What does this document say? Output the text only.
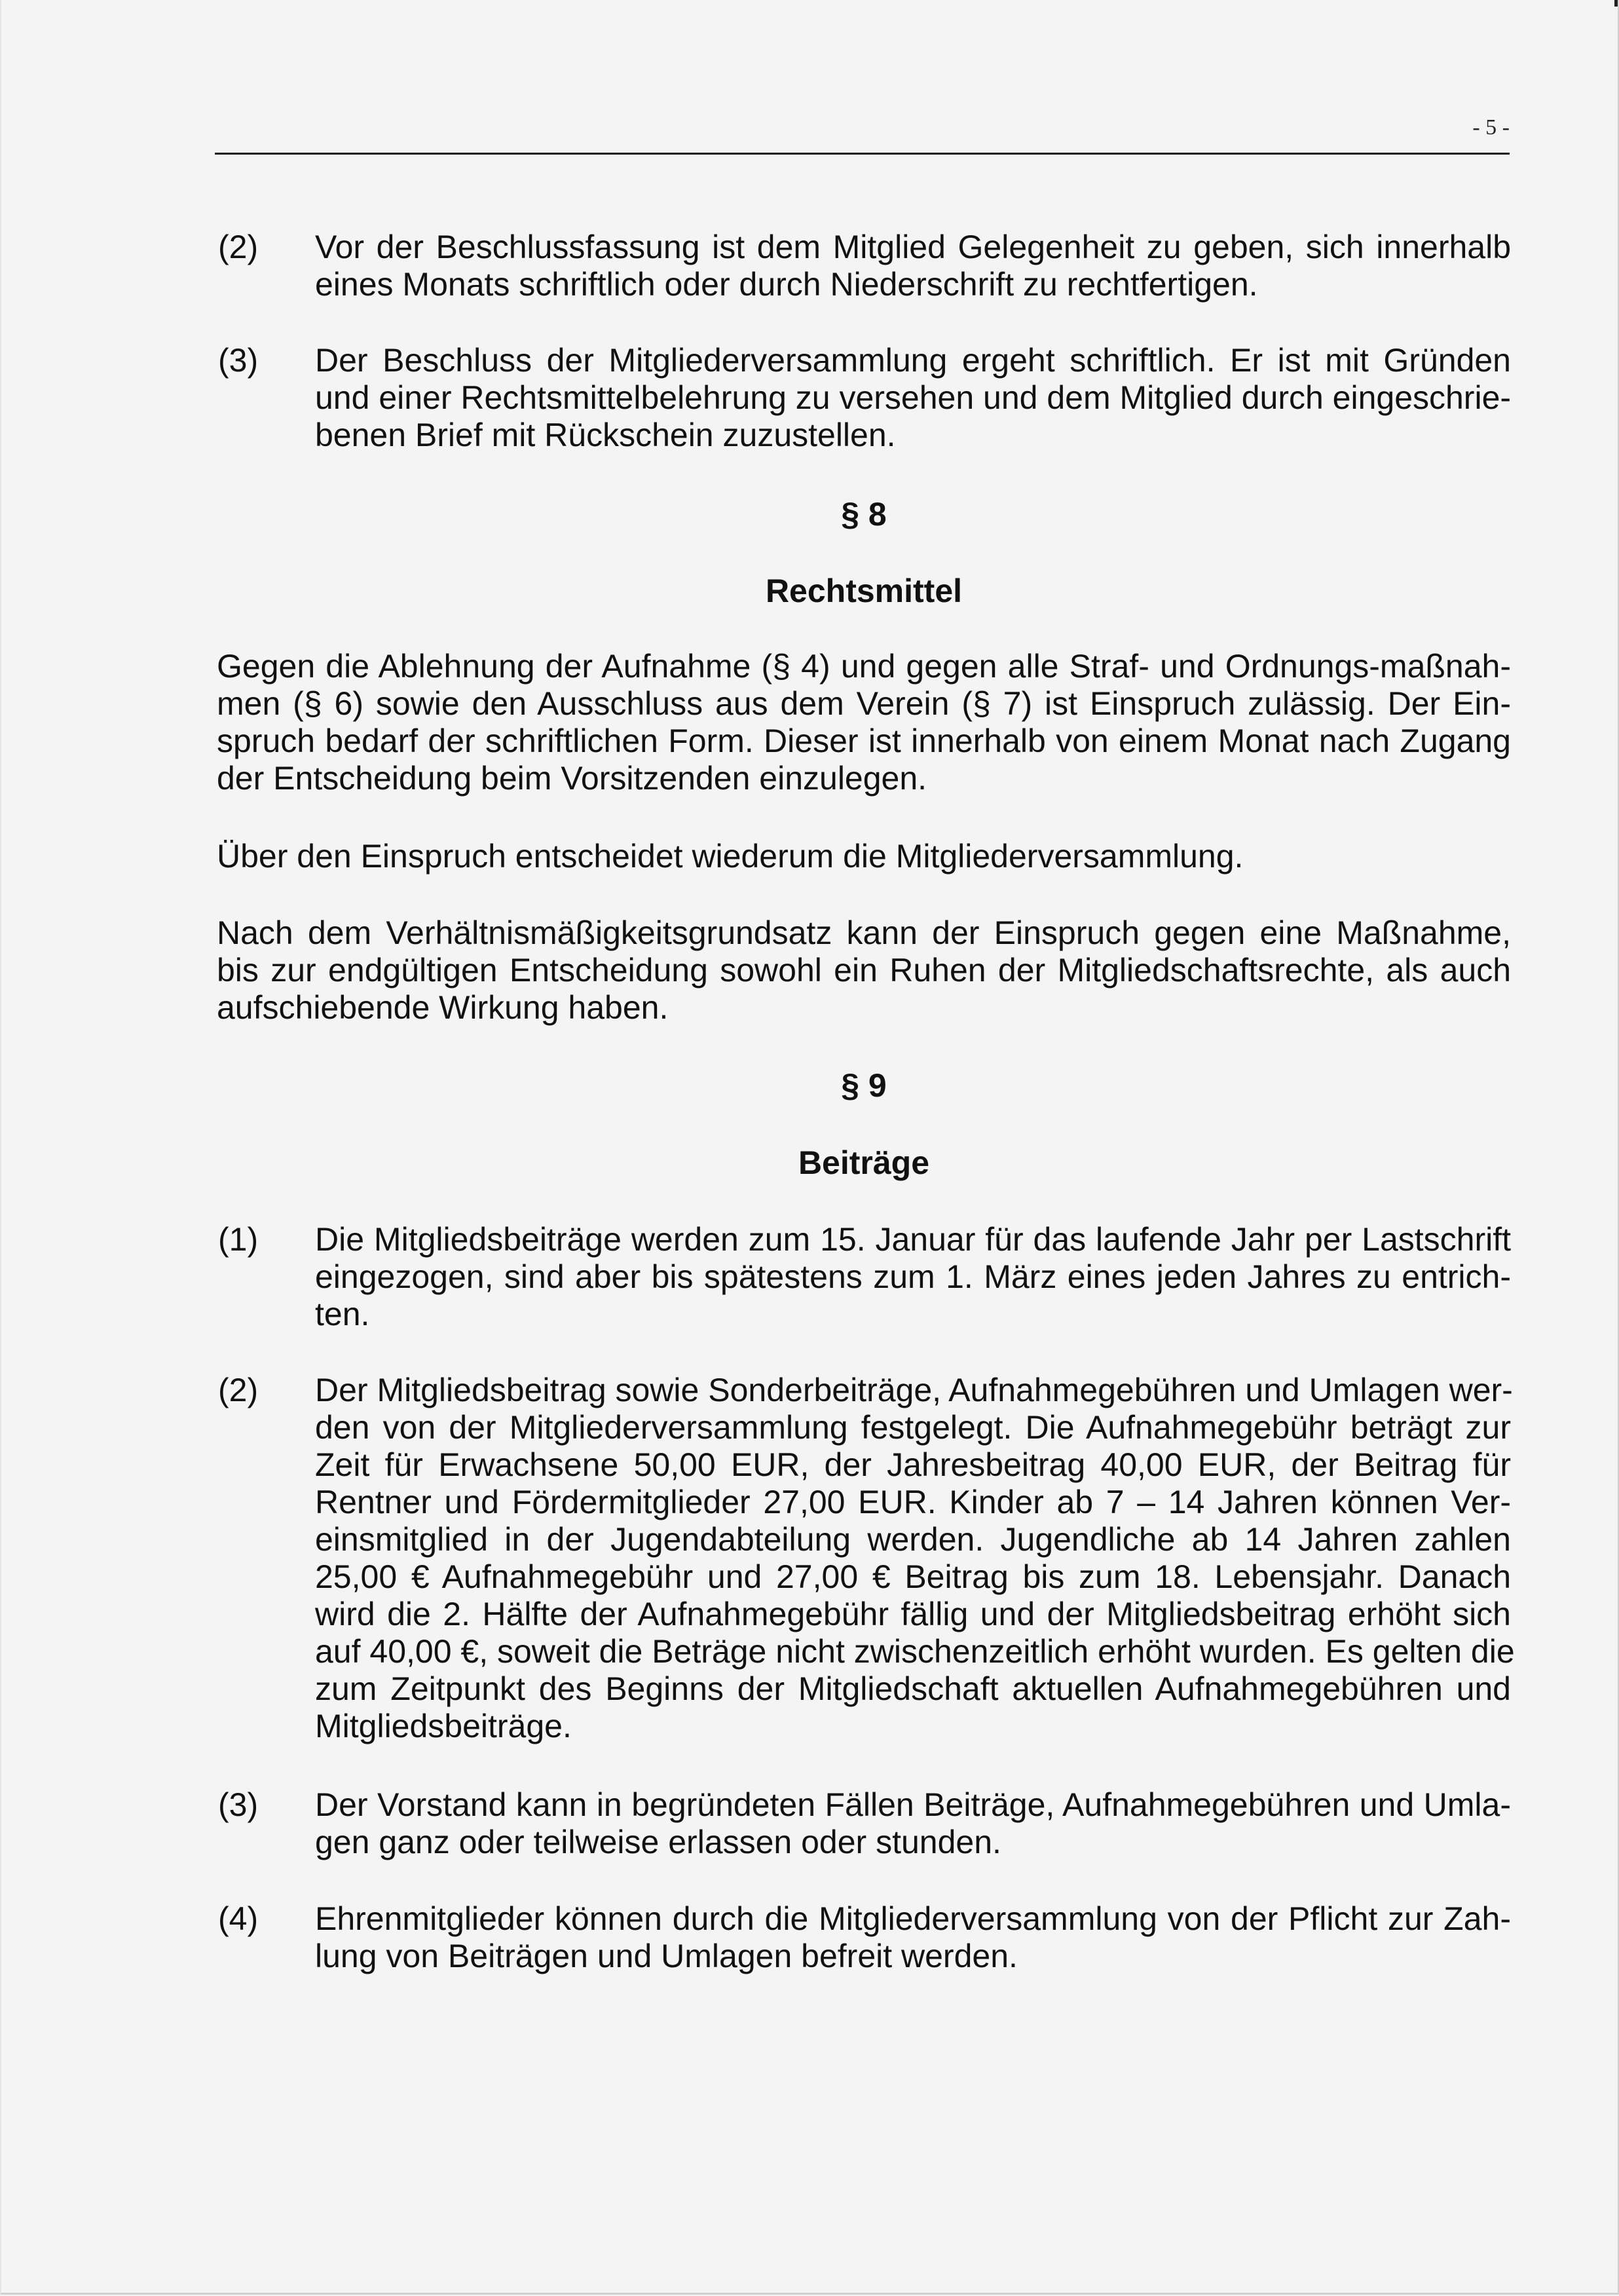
- 5 -
(2) Vor der Beschlussfassung ist dem Mitglied Gelegenheit zu geben, sich innerhalb
eines Monats schriftlich oder durch Niederschrift zu rechtfertigen.
(3) Der Beschluss der Mitgliederversammlung ergeht schriftlich. Er ist mit Gründen
und einer Rechtsmittelbelehrung zu versehen und dem Mitglied durch eingeschrie-
benen Brief mit Rückschein zuzustellen.
§ 8
Rechtsmittel
Gegen die Ablehnung der Aufnahme (§ 4) und gegen alle Straf- und Ordnungs-maßnah-
men (§ 6) sowie den Ausschluss aus dem Verein (§ 7) ist Einspruch zulässig. Der Ein-
spruch bedarf der schriftlichen Form. Dieser ist innerhalb von einem Monat nach Zugang
der Entscheidung beim Vorsitzenden einzulegen.
Über den Einspruch entscheidet wiederum die Mitgliederversammlung.
Nach dem Verhältnismäßigkeitsgrundsatz kann der Einspruch gegen eine Maßnahme,
bis zur endgültigen Entscheidung sowohl ein Ruhen der Mitgliedschaftsrechte, als auch
aufschiebende Wirkung haben.
§ 9
Beiträge
(1) Die Mitgliedsbeiträge werden zum 15. Januar für das laufende Jahr per Lastschrift
eingezogen, sind aber bis spätestens zum 1. März eines jeden Jahres zu entrich-
ten.
(2) Der Mitgliedsbeitrag sowie Sonderbeiträge, Aufnahmegebühren und Umlagen wer-
den von der Mitgliederversammlung festgelegt. Die Aufnahmegebühr beträgt zur
Zeit für Erwachsene 50,00 EUR, der Jahresbeitrag 40,00 EUR, der Beitrag für
Rentner und Fördermitglieder 27,00 EUR. Kinder ab 7 – 14 Jahren können Ver-
einsmitglied in der Jugendabteilung werden. Jugendliche ab 14 Jahren zahlen
25,00 € Aufnahmegebühr und 27,00 € Beitrag bis zum 18. Lebensjahr. Danach
wird die 2. Hälfte der Aufnahmegebühr fällig und der Mitgliedsbeitrag erhöht sich
auf 40,00 €, soweit die Beträge nicht zwischenzeitlich erhöht wurden. Es gelten die
zum Zeitpunkt des Beginns der Mitgliedschaft aktuellen Aufnahmegebühren und
Mitgliedsbeiträge.
(3) Der Vorstand kann in begründeten Fällen Beiträge, Aufnahmegebühren und Umla-
gen ganz oder teilweise erlassen oder stunden.
(4) Ehrenmitglieder können durch die Mitgliederversammlung von der Pflicht zur Zah-
lung von Beiträgen und Umlagen befreit werden.
